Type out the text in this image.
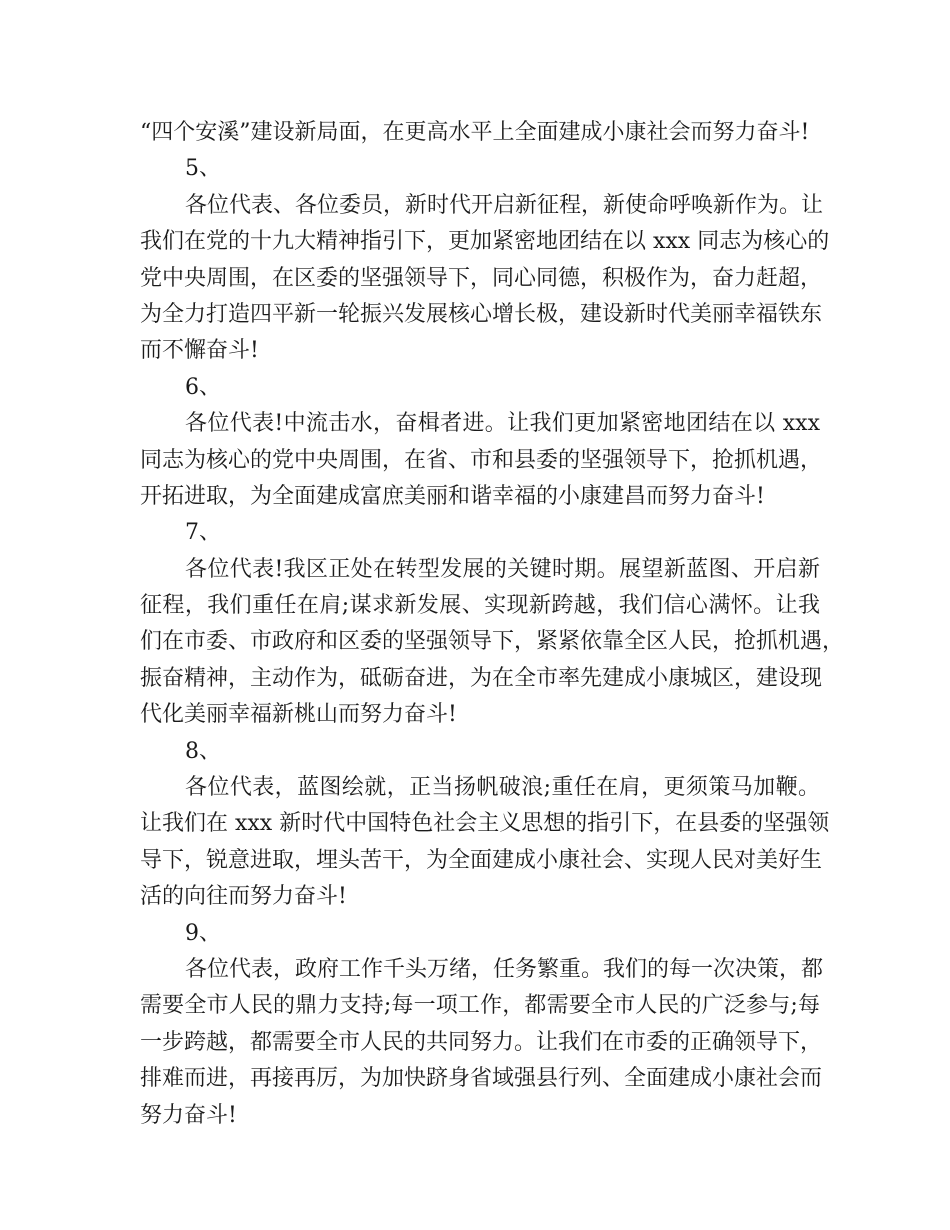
“四个安溪”建设新局面，在更高水平上全面建成小康社会而努力奋斗!
5、
各位代表、各位委员，新时代开启新征程，新使命呼唤新作为。让
我们在党的十九大精神指引下，更加紧密地团结在以 xxx 同志为核心的
党中央周围，在区委的坚强领导下，同心同德，积极作为，奋力赶超，
为全力打造四平新一轮振兴发展核心增长极，建设新时代美丽幸福铁东
而不懈奋斗!
6、
各位代表!中流击水，奋楫者进。让我们更加紧密地团结在以 xxx
同志为核心的党中央周围，在省、市和县委的坚强领导下，抢抓机遇，
开拓进取，为全面建成富庶美丽和谐幸福的小康建昌而努力奋斗!
7、
各位代表!我区正处在转型发展的关键时期。展望新蓝图、开启新
征程，我们重任在肩;谋求新发展、实现新跨越，我们信心满怀。让我
们在市委、市政府和区委的坚强领导下，紧紧依靠全区人民，抢抓机遇，
振奋精神，主动作为，砥砺奋进，为在全市率先建成小康城区，建设现
代化美丽幸福新桃山而努力奋斗!
8、
各位代表，蓝图绘就，正当扬帆破浪;重任在肩，更须策马加鞭。
让我们在 xxx 新时代中国特色社会主义思想的指引下，在县委的坚强领
导下，锐意进取，埋头苦干，为全面建成小康社会、实现人民对美好生
活的向往而努力奋斗!
9、
各位代表，政府工作千头万绪，任务繁重。我们的每一次决策，都
需要全市人民的鼎力支持;每一项工作，都需要全市人民的广泛参与;每
一步跨越，都需要全市人民的共同努力。让我们在市委的正确领导下，
排难而进，再接再厉，为加快跻身省域强县行列、全面建成小康社会而
努力奋斗!
